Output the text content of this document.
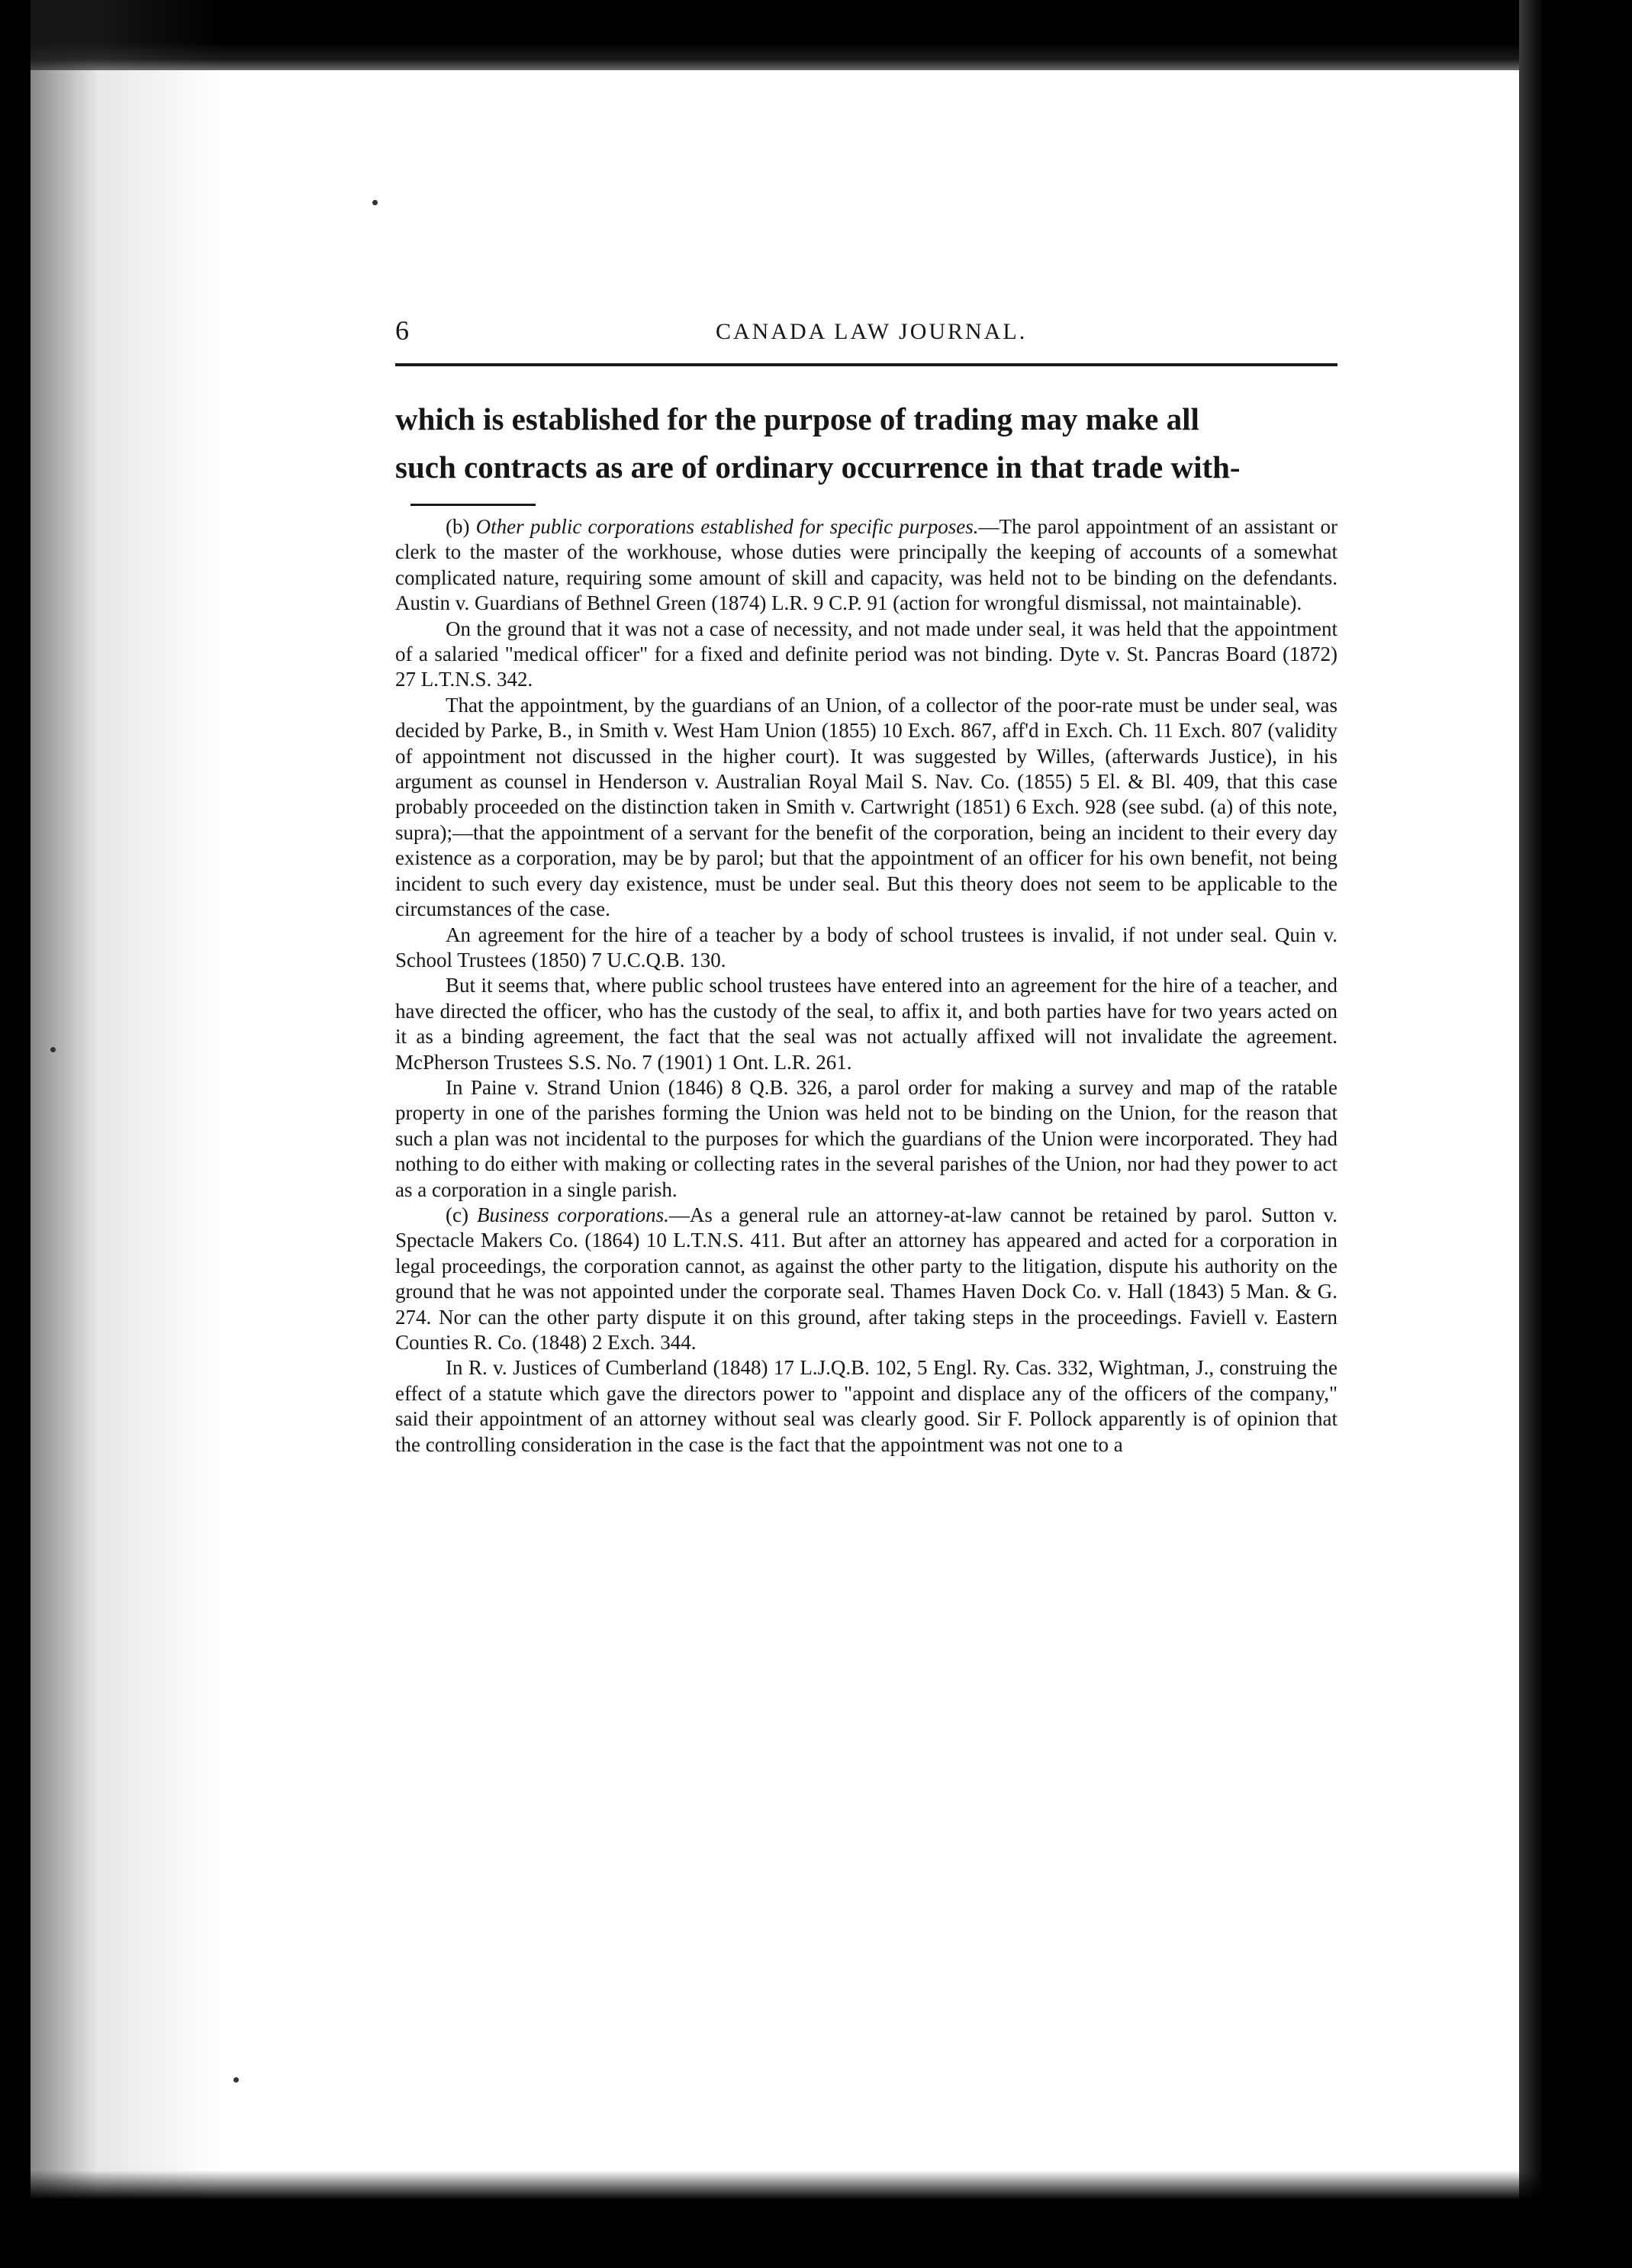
6	CANADA LAW JOURNAL.

which is established for the purpose of trading may make all

such contracts as are of ordinary occurrence in that trade with-

(b) Other public corporations established for specific purposes.—The parol appointment of an assistant or clerk to the master of the workhouse, whose duties were principally the keeping of accounts of a somewhat complicated nature, requiring some amount of skill and capacity, was held not to be binding on the defendants. Austin v. Guardians of Bethnel Green (1874) L.R. 9 C.P. 91 (action for wrongful dismissal, not maintainable).

On the ground that it was not a case of necessity, and not made under seal, it was held that the appointment of a salaried "medical officer" for a fixed and definite period was not binding. Dyte v. St. Pancras Board (1872) 27 L.T.N.S. 342.

That the appointment, by the guardians of an Union, of a collector of the poor-rate must be under seal, was decided by Parke, B., in Smith v. West Ham Union (1855) 10 Exch. 867, aff'd in Exch. Ch. 11 Exch. 807 (validity of appointment not discussed in the higher court). It was suggested by Willes, (afterwards Justice), in his argument as counsel in Henderson v. Australian Royal Mail S. Nav. Co. (1855) 5 El. & Bl. 409, that this case probably proceeded on the distinction taken in Smith v. Cartwright (1851) 6 Exch. 928 (see subd. (a) of this note, supra);—that the appointment of a servant for the benefit of the corporation, being an incident to their every day existence as a corporation, may be by parol; but that the appointment of an officer for his own benefit, not being incident to such every day existence, must be under seal. But this theory does not seem to be applicable to the circumstances of the case.

An agreement for the hire of a teacher by a body of school trustees is invalid, if not under seal. Quin v. School Trustees (1850) 7 U.C.Q.B. 130.

But it seems that, where public school trustees have entered into an agreement for the hire of a teacher, and have directed the officer, who has the custody of the seal, to affix it, and both parties have for two years acted on it as a binding agreement, the fact that the seal was not actually affixed will not invalidate the agreement. McPherson Trustees S.S. No. 7 (1901) 1 Ont. L.R. 261.

In Paine v. Strand Union (1846) 8 Q.B. 326, a parol order for making a survey and map of the ratable property in one of the parishes forming the Union was held not to be binding on the Union, for the reason that such a plan was not incidental to the purposes for which the guardians of the Union were incorporated. They had nothing to do either with making or collecting rates in the several parishes of the Union, nor had they power to act as a corporation in a single parish.

(c) Business corporations.—As a general rule an attorney-at-law cannot be retained by parol. Sutton v. Spectacle Makers Co. (1864) 10 L.T.N.S. 411. But after an attorney has appeared and acted for a corporation in legal proceedings, the corporation cannot, as against the other party to the litigation, dispute his authority on the ground that he was not appointed under the corporate seal. Thames Haven Dock Co. v. Hall (1843) 5 Man. & G. 274. Nor can the other party dispute it on this ground, after taking steps in the proceedings. Faviell v. Eastern Counties R. Co. (1848) 2 Exch. 344.

In R. v. Justices of Cumberland (1848) 17 L.J.Q.B. 102, 5 Engl. Ry. Cas. 332, Wightman, J., construing the effect of a statute which gave the directors power to "appoint and displace any of the officers of the company," said their appointment of an attorney without seal was clearly good. Sir F. Pollock apparently is of opinion that the controlling consideration in the case is the fact that the appointment was not one to a
